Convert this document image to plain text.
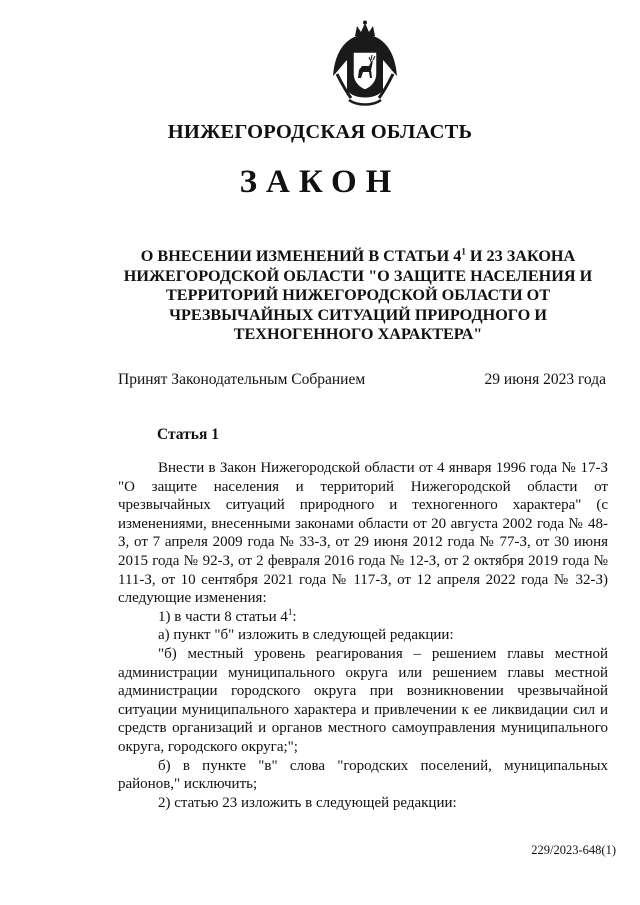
НИЖЕГОРОДСКАЯ ОБЛАСТЬ
ЗАКОН
О ВНЕСЕНИИ ИЗМЕНЕНИЙ В СТАТЬИ $4^1$ И 23 ЗАКОНА НИЖЕГОРОДСКОЙ ОБЛАСТИ "О ЗАЩИТЕ НАСЕЛЕНИЯ И ТЕРРИТОРИЙ НИЖЕГОРОДСКОЙ ОБЛАСТИ ОТ ЧРЕЗВЫЧАЙНЫХ СИТУАЦИЙ ПРИРОДНОГО И ТЕХНОГЕННОГО ХАРАКТЕРА"
Принят Законодательным Собранием	29 июня 2023 года
Статья 1

Внести в Закон Нижегородской области от 4 января 1996 года № 17-З "О защите населения и территорий Нижегородской области от чрезвычайных ситуаций природного и техногенного характера" (с изменениями, внесенными законами области от 20 августа 2002 года № 48-З, от 7 апреля 2009 года № 33-З, от 29 июня 2012 года № 77-З, от 30 июня 2015 года № 92-З, от 2 февраля 2016 года № 12-З, от 2 октября 2019 года № 111-З, от 10 сентября 2021 года № 117-З, от 12 апреля 2022 года № 32-З) следующие изменения:

1) в части 8 статьи $4^1$:

а) пункт "б" изложить в следующей редакции:

"б) местный уровень реагирования – решением главы местной администрации муниципального округа или решением главы местной администрации городского округа при возникновении чрезвычайной ситуации муниципального характера и привлечении к ее ликвидации сил и средств организаций и органов местного самоуправления муниципального округа, городского округа;";

б) в пункте "в" слова "городских поселений, муниципальных районов," исключить;

2) статью 23 изложить в следующей редакции:

229/2023-648(1)
